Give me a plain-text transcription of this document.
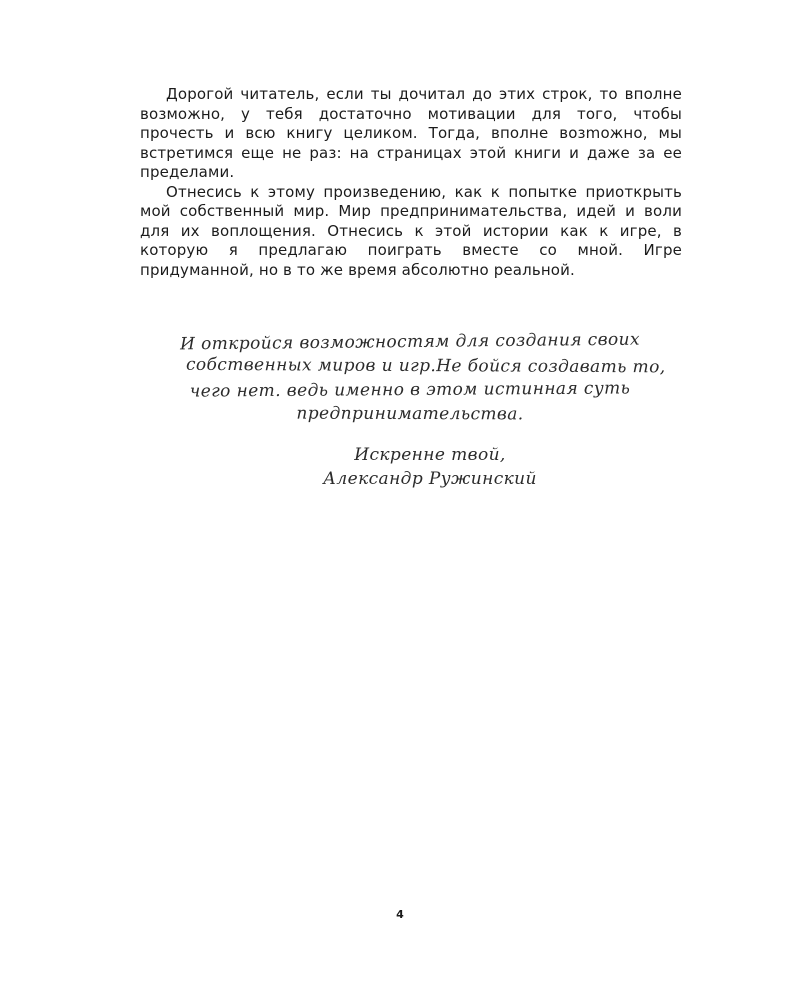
Дорогой читатель, если ты дочитал до этих строк, то вполне возможно, у тебя достаточно мотивации для того, чтобы прочесть и всю книгу целиком. Тогда, вполне возmожно, мы встретимся еще не раз: на страницах этой книги и даже за ее пределами.

Отнесись к этому произведению, как к попытке приоткрыть мой собственный мир. Мир предпринимательства, идей и воли для их воплощения. Отнесись к этой истории как к игре, в которую я предлагаю поиграть вместе со мной. Игре придуманной, но в то же время абсолютно реальной.

И откройся возможностям для создания своих
собственных миров и игр.Не бойся создавать то,
чего нет. ведь именно в этом истинная суть
предпринимательства.
Искренне твой,
Александр Ружинский
4
